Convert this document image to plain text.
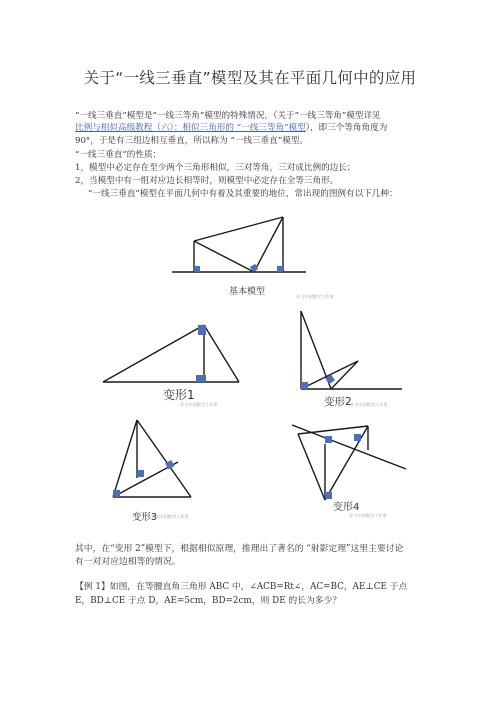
关于“一线三垂直”模型及其在平面几何中的应用
“一线三垂直”模型是“一线三等角”模型的特殊情况，（关于“一线三等角”模型详见
比例与相似高级教程（六）：相似三角形的 “一线三等角”模型），即三个等角角度为
90°，于是有三组边相互垂直，所以称为 “一线三垂直”模型。
“一线三垂直”的性质：
1，模型中必定存在至少两个三角形相似，三对等角，三对成比例的边长；
2，当模型中有一组对应边长相等时，则模型中必定存在全等三角形。
“一线三垂直”模型在平面几何中有着及其重要的地位，常出现的图例有以下几种：
基本模型	亚力中国数学工作室
变形1
亚力中国数学工作室	变形2
亚力中国数学工作室
变形3
亚力中国数学工作室
变形4
亚力中国数学工作室
其中，在“变形 2”模型下，根据相似原理，推理出了著名的 “射影定理”这里主要讨论
有一对对应边相等的情况。
【例 1】如图，在等腰直角三角形 ABC 中，∠ACB=Rt∠，AC=BC，AE⊥CE 于点
E，BD⊥CE 于点 D，AE=5cm，BD=2cm，则 DE 的长为多少？
